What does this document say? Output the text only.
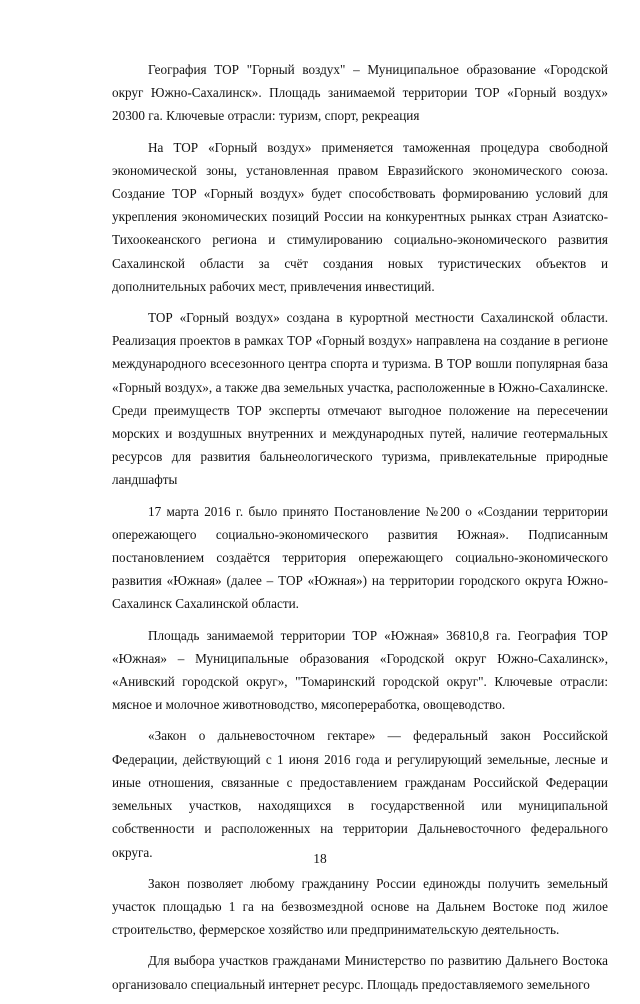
География ТОР "Горный воздух" – Муниципальное образование «Городской округ Южно-Сахалинск». Площадь занимаемой территории ТОР «Горный воздух» 20300 га. Ключевые отрасли: туризм, спорт, рекреация

На ТОР «Горный воздух» применяется таможенная процедура свободной экономической зоны, установленная правом Евразийского экономического союза. Создание ТОР «Горный воздух» будет способствовать формированию условий для укрепления экономических позиций России на конкурентных рынках стран Азиатско-Тихоокеанского региона и стимулированию социально-экономического развития Сахалинской области за счёт создания новых туристических объектов и дополнительных рабочих мест, привлечения инвестиций.

ТОР «Горный воздух» создана в курортной местности Сахалинской области. Реализация проектов в рамках ТОР «Горный воздух» направлена на создание в регионе международного всесезонного центра спорта и туризма. В ТОР вошли популярная база «Горный воздух», а также два земельных участка, расположенные в Южно-Сахалинске. Среди преимуществ ТОР эксперты отмечают выгодное положение на пересечении морских и воздушных внутренних и международных путей, наличие геотермальных ресурсов для развития бальнеологического туризма, привлекательные природные ландшафты

17 марта 2016 г. было принято Постановление №200 о «Создании территории опережающего социально-экономического развития Южная». Подписанным постановлением создаётся территория опережающего социально-экономического развития «Южная» (далее – ТОР «Южная») на территории городского округа Южно-Сахалинск Сахалинской области.

Площадь занимаемой территории ТОР «Южная» 36810,8 га. География ТОР «Южная» – Муниципальные образования «Городской округ Южно-Сахалинск», «Анивский городской округ», "Томаринский городской округ". Ключевые отрасли: мясное и молочное животноводство, мясопереработка, овощеводство.

«Закон о дальневосточном гектаре» — федеральный закон Российской Федерации, действующий с 1 июня 2016 года и регулирующий земельные, лесные и иные отношения, связанные с предоставлением гражданам Российской Федерации земельных участков, находящихся в государственной или муниципальной собственности и расположенных на территории Дальневосточного федерального округа.

Закон позволяет любому гражданину России единожды получить земельный участок площадью 1 га на безвозмездной основе на Дальнем Востоке под жилое строительство, фермерское хозяйство или предпринимательскую деятельность.

Для выбора участков гражданами Министерство по развитию Дальнего Востока организовало специальный интернет ресурс. Площадь предоставляемого земельного

18
